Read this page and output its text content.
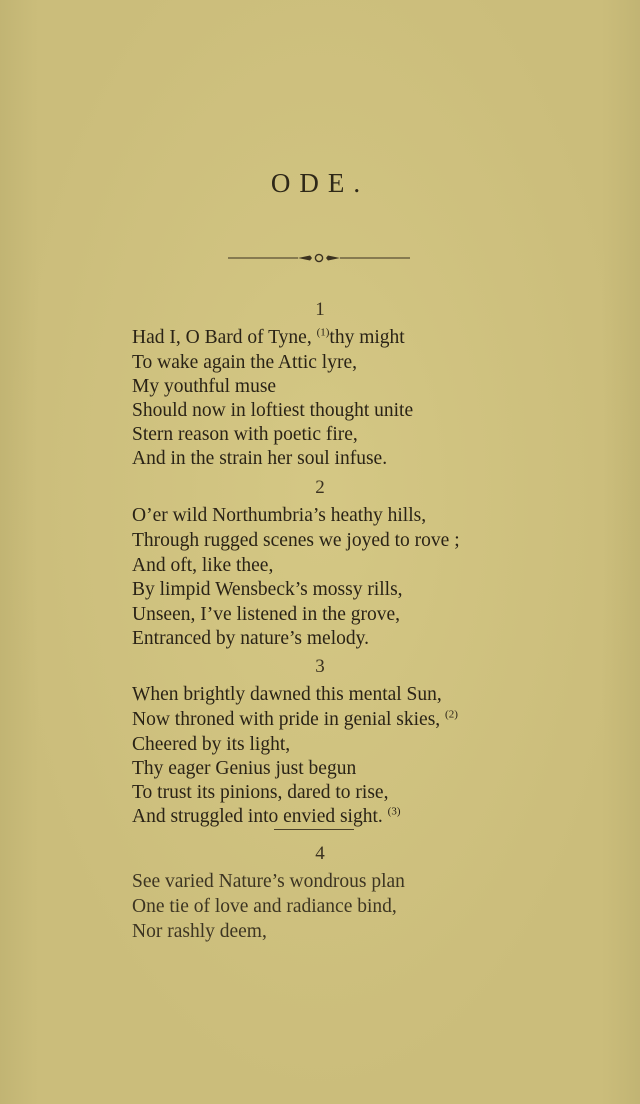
ODE.
1
Had I, O Bard of Tyne, $^{(1)}$thy might
To wake again the Attic lyre,
My youthful muse
Should now in loftiest thought unite
Stern reason with poetic fire,
And in the strain her soul infuse.
2
O’er wild Northumbria’s heathy hills,
Through rugged scenes we joyed to rove ;
And oft, like thee,
By limpid Wensbeck’s mossy rills,
Unseen, I’ve listened in the grove,
Entranced by nature’s melody.
3
When brightly dawned this mental Sun,
Now throned with pride in genial skies, $^{(2)}$
Cheered by its light,
Thy eager Genius just begun
To trust its pinions, dared to rise,
And struggled into envied sight. $^{(3)}$
4
See varied Nature’s wondrous plan
One tie of love and radiance bind,
Nor rashly deem,
